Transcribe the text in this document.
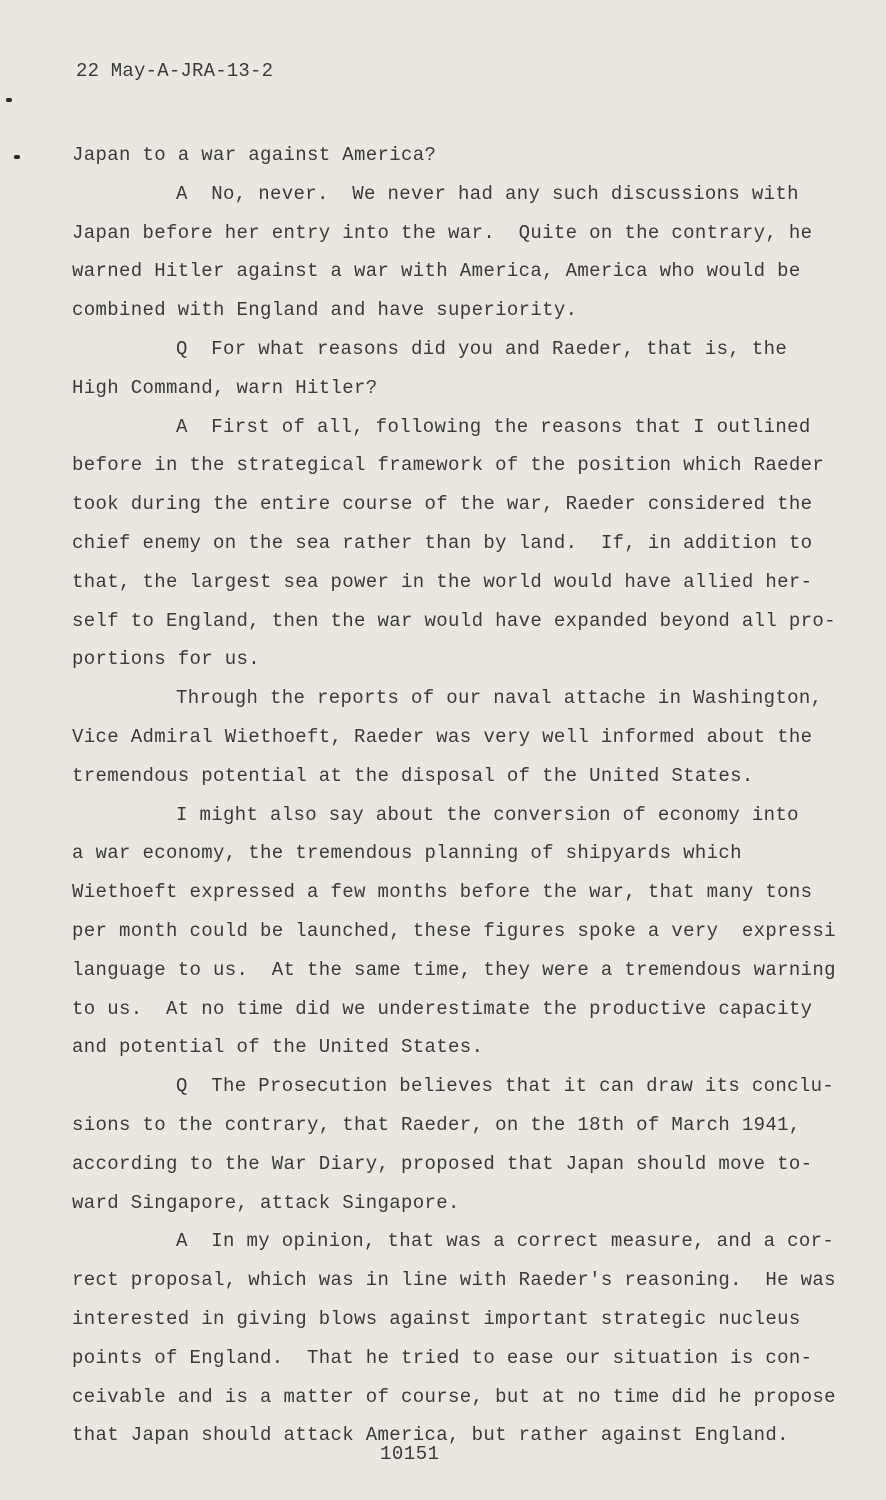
22 May-A-JRA-13-2
Japan to a war against America?
A  No, never.  We never had any such discussions with
Japan before her entry into the war.  Quite on the contrary, he
warned Hitler against a war with America, America who would be
combined with England and have superiority.
Q  For what reasons did you and Raeder, that is, the
High Command, warn Hitler?
A  First of all, following the reasons that I outlined
before in the strategical framework of the position which Raeder
took during the entire course of the war, Raeder considered the
chief enemy on the sea rather than by land.  If, in addition to
that, the largest sea power in the world would have allied her-
self to England, then the war would have expanded beyond all pro-
portions for us.
Through the reports of our naval attache in Washington,
Vice Admiral Wiethoeft, Raeder was very well informed about the
tremendous potential at the disposal of the United States.
I might also say about the conversion of economy into
a war economy, the tremendous planning of shipyards which
Wiethoeft expressed a few months before the war, that many tons
per month could be launched, these figures spoke a very  expressi
language to us.  At the same time, they were a tremendous warning
to us.  At no time did we underestimate the productive capacity
and potential of the United States.
Q  The Prosecution believes that it can draw its conclu-
sions to the contrary, that Raeder, on the 18th of March 1941,
according to the War Diary, proposed that Japan should move to-
ward Singapore, attack Singapore.
A  In my opinion, that was a correct measure, and a cor-
rect proposal, which was in line with Raeder's reasoning.  He was
interested in giving blows against important strategic nucleus
points of England.  That he tried to ease our situation is con-
ceivable and is a matter of course, but at no time did he propose
that Japan should attack America, but rather against England.
10151
